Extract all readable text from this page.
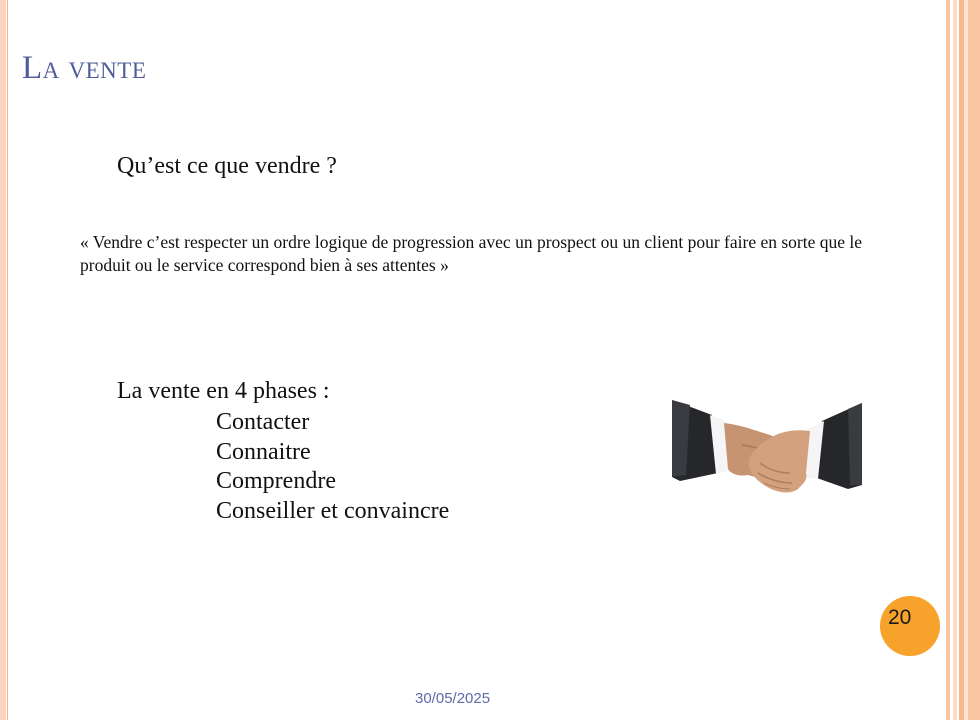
La vente

Qu’est ce que vendre ?

« Vendre c’est respecter un ordre logique de progression avec un prospect ou un client pour faire en sorte que le produit ou le service correspond bien à ses attentes »

La vente en 4 phases :

Contacter
Connaitre
Comprendre
Conseiller et convaincre
20

30/05/2025
